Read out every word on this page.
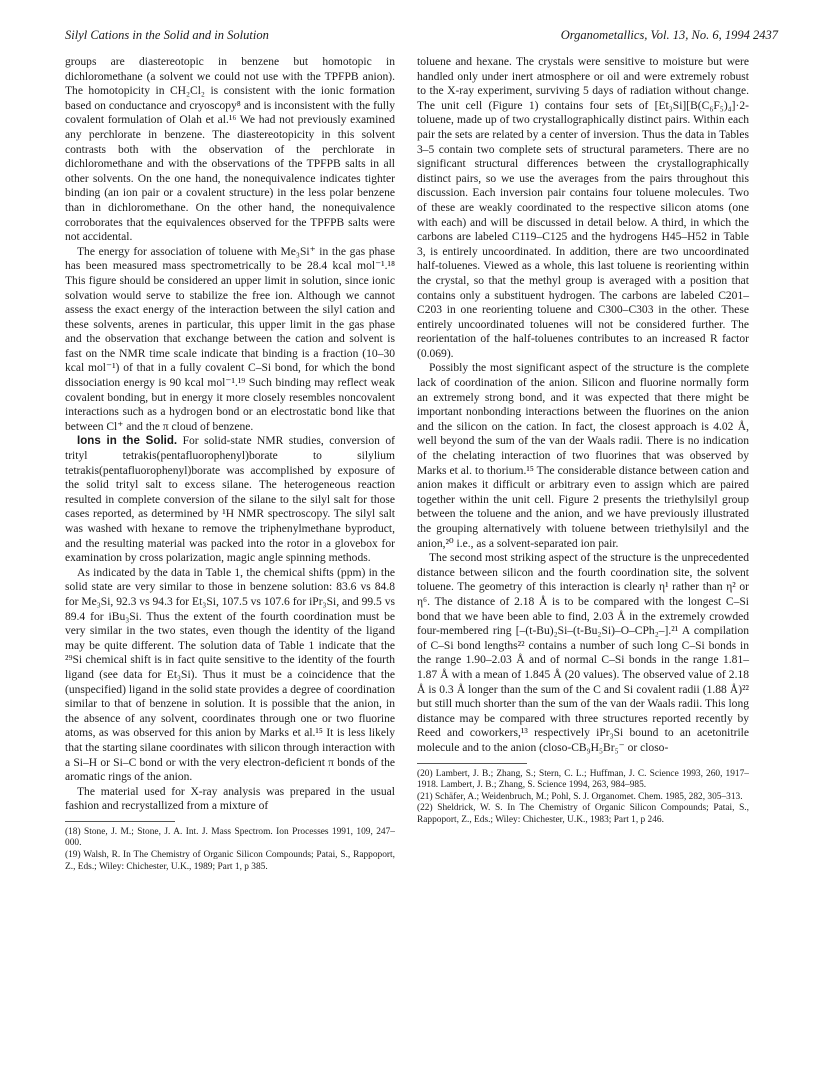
Silyl Cations in the Solid and in Solution	Organometallics, Vol. 13, No. 6, 1994 2437

groups are diastereotopic in benzene but homotopic in dichloromethane (a solvent we could not use with the TPFPB anion). The homotopicity in CH₂Cl₂ is consistent with the ionic formation based on conductance and cryoscopy⁸ and is inconsistent with the fully covalent formulation of Olah et al.¹⁶ We had not previously examined any perchlorate in benzene. The diastereotopicity in this solvent contrasts both with the observation of the perchlorate in dichloromethane and with the observations of the TPFPB salts in all other solvents. On the one hand, the nonequivalence indicates tighter binding (an ion pair or a covalent structure) in the less polar benzene than in dichloromethane. On the other hand, the nonequivalence corroborates that the equivalences observed for the TPFPB salts were not accidental.

The energy for association of toluene with Me₃Si⁺ in the gas phase has been measured mass spectrometrically to be 28.4 kcal mol⁻¹.¹⁸ This figure should be considered an upper limit in solution, since ionic solvation would serve to stabilize the free ion. Although we cannot assess the exact energy of the interaction between the silyl cation and these solvents, arenes in particular, this upper limit in the gas phase and the observation that exchange between the cation and solvent is fast on the NMR time scale indicate that binding is a fraction (10–30 kcal mol⁻¹) of that in a fully covalent C–Si bond, for which the bond dissociation energy is 90 kcal mol⁻¹.¹⁹ Such binding may reflect weak covalent bonding, but in energy it more closely resembles noncovalent interactions such as a hydrogen bond or an electrostatic bond like that between Cl⁺ and the π cloud of benzene.

Ions in the Solid. For solid-state NMR studies, conversion of trityl tetrakis(pentafluorophenyl)borate to silylium tetrakis(pentafluorophenyl)borate was accomplished by exposure of the solid trityl salt to excess silane. The heterogeneous reaction resulted in complete conversion of the silane to the silyl salt for those cases reported, as determined by ¹H NMR spectroscopy. The silyl salt was washed with hexane to remove the triphenylmethane byproduct, and the resulting material was packed into the rotor in a glovebox for examination by cross polarization, magic angle spinning methods.

As indicated by the data in Table 1, the chemical shifts (ppm) in the solid state are very similar to those in benzene solution: 83.6 vs 84.8 for Me₃Si, 92.3 vs 94.3 for Et₃Si, 107.5 vs 107.6 for iPr₃Si, and 99.5 vs 89.4 for iBu₃Si. Thus the extent of the fourth coordination must be very similar in the two states, even though the identity of the ligand may be quite different. The solution data of Table 1 indicate that the ²⁹Si chemical shift is in fact quite sensitive to the identity of the fourth ligand (see data for Et₃Si). Thus it must be a coincidence that the (unspecified) ligand in the solid state provides a degree of coordination similar to that of benzene in solution. It is possible that the anion, in the absence of any solvent, coordinates through one or two fluorine atoms, as was observed for this anion by Marks et al.¹⁵ It is less likely that the starting silane coordinates with silicon through interaction with a Si–H or Si–C bond or with the very electron-deficient π bonds of the aromatic rings of the anion.

The material used for X-ray analysis was prepared in the usual fashion and recrystallized from a mixture of

(18) Stone, J. M.; Stone, J. A. Int. J. Mass Spectrom. Ion Processes 1991, 109, 247–000.

(19) Walsh, R. In The Chemistry of Organic Silicon Compounds; Patai, S., Rappoport, Z., Eds.; Wiley: Chichester, U.K., 1989; Part 1, p 385.

toluene and hexane. The crystals were sensitive to moisture but were handled only under inert atmosphere or oil and were extremely robust to the X-ray experiment, surviving 5 days of radiation without change. The unit cell (Figure 1) contains four sets of [Et₃Si][B(C₆F₅)₄]·2-toluene, made up of two crystallographically distinct pairs. Within each pair the sets are related by a center of inversion. Thus the data in Tables 3–5 contain two complete sets of structural parameters. There are no significant structural differences between the crystallographically distinct pairs, so we use the averages from the pairs throughout this discussion. Each inversion pair contains four toluene molecules. Two of these are weakly coordinated to the respective silicon atoms (one with each) and will be discussed in detail below. A third, in which the carbons are labeled C119–C125 and the hydrogens H45–H52 in Table 3, is entirely uncoordinated. In addition, there are two uncoordinated half-toluenes. Viewed as a whole, this last toluene is reorienting within the crystal, so that the methyl group is averaged with a position that contains only a substituent hydrogen. The carbons are labeled C201–C203 in one reorienting toluene and C300–C303 in the other. These entirely uncoordinated toluenes will not be considered further. The reorientation of the half-toluenes contributes to an increased R factor (0.069).

Possibly the most significant aspect of the structure is the complete lack of coordination of the anion. Silicon and fluorine normally form an extremely strong bond, and it was expected that there might be important nonbonding interactions between the fluorines on the anion and the silicon on the cation. In fact, the closest approach is 4.02 Å, well beyond the sum of the van der Waals radii. There is no indication of the chelating interaction of two fluorines that was observed by Marks et al. to thorium.¹⁵ The considerable distance between cation and anion makes it difficult or arbitrary even to assign which are paired together within the unit cell. Figure 2 presents the triethylsilyl group between the toluene and the anion, and we have previously illustrated the grouping alternatively with toluene between triethylsilyl and the anion,²⁰ i.e., as a solvent-separated ion pair.

The second most striking aspect of the structure is the unprecedented distance between silicon and the fourth coordination site, the solvent toluene. The geometry of this interaction is clearly η¹ rather than η² or η⁶. The distance of 2.18 Å is to be compared with the longest C–Si bond that we have been able to find, 2.03 Å in the extremely crowded four-membered ring [–(t-Bu)₂Si–(t-Bu₂Si)–O–CPh₂–].²¹ A compilation of C–Si bond lengths²² contains a number of such long C–Si bonds in the range 1.90–2.03 Å and of normal C–Si bonds in the range 1.81–1.87 Å with a mean of 1.845 Å (20 values). The observed value of 2.18 Å is 0.3 Å longer than the sum of the C and Si covalent radii (1.88 Å)²² but still much shorter than the sum of the van der Waals radii. This long distance may be compared with three structures reported recently by Reed and coworkers,¹³ respectively iPr₃Si bound to an acetonitrile molecule and to the anion (closo-CB₉H₅Br₅⁻ or closo-

(20) Lambert, J. B.; Zhang, S.; Stern, C. L.; Huffman, J. C. Science 1993, 260, 1917–1918. Lambert, J. B.; Zhang, S. Science 1994, 263, 984–985.

(21) Schäfer, A.; Weidenbruch, M.; Pohl, S. J. Organomet. Chem. 1985, 282, 305–313.

(22) Sheldrick, W. S. In The Chemistry of Organic Silicon Compounds; Patai, S., Rappoport, Z., Eds.; Wiley: Chichester, U.K., 1983; Part 1, p 246.
